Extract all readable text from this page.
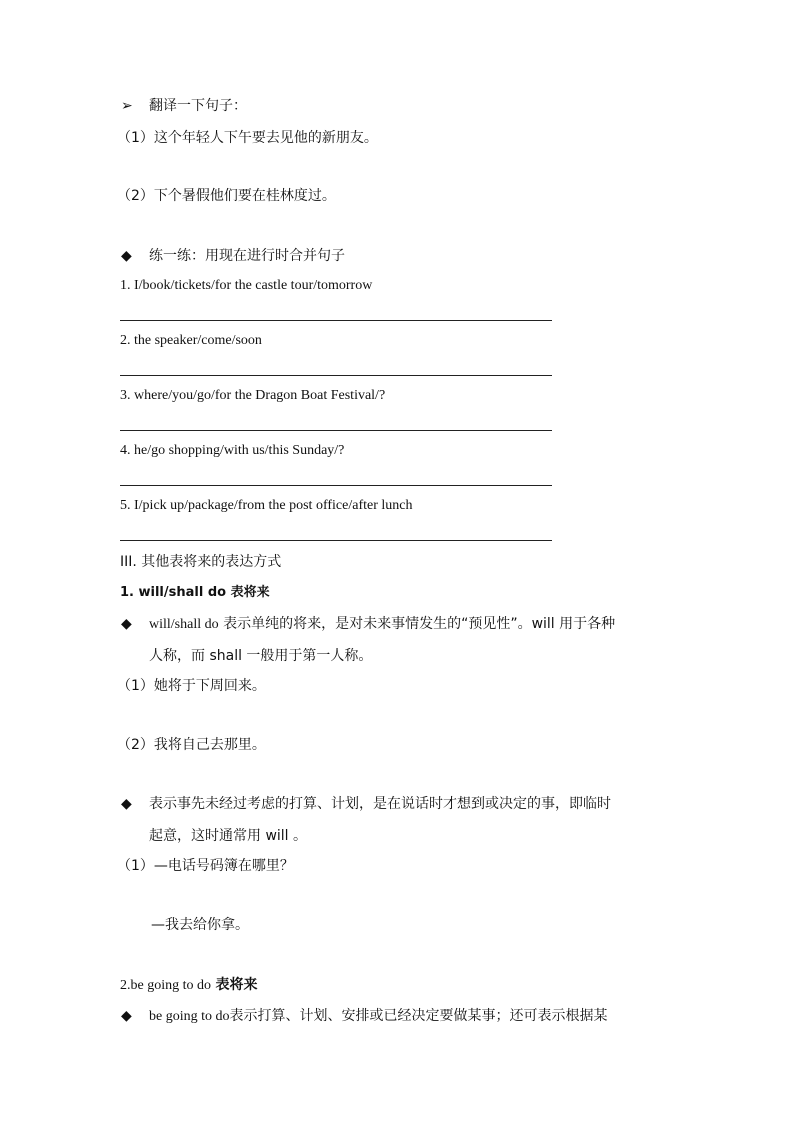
➢ 翻译一下句子：
（1）这个年轻人下午要去见他的新朋友。
（2）下个暑假他们要在桂林度过。
◆ 练一练：用现在进行时合并句子
1. I/book/tickets/for the castle tour/tomorrow
2. the speaker/come/soon
3. where/you/go/for the Dragon Boat Festival/?
4. he/go shopping/with us/this Sunday/?
5. I/pick up/package/from the post office/after lunch
III. 其他表将来的表达方式
1. will/shall do 表将来
◆ will/shall do 表示单纯的将来，是对未来事情发生的“预见性”。will 用于各种
人称，而 shall 一般用于第一人称。
（1）她将于下周回来。
（2）我将自己去那里。
◆ 表示事先未经过考虑的打算、计划，是在说话时才想到或决定的事，即临时
起意，这时通常用 will 。
（1）—电话号码簿在哪里？
—我去给你拿。
2.be going to do 表将来
◆ be going to do表示打算、计划、安排或已经决定要做某事；还可表示根据某
